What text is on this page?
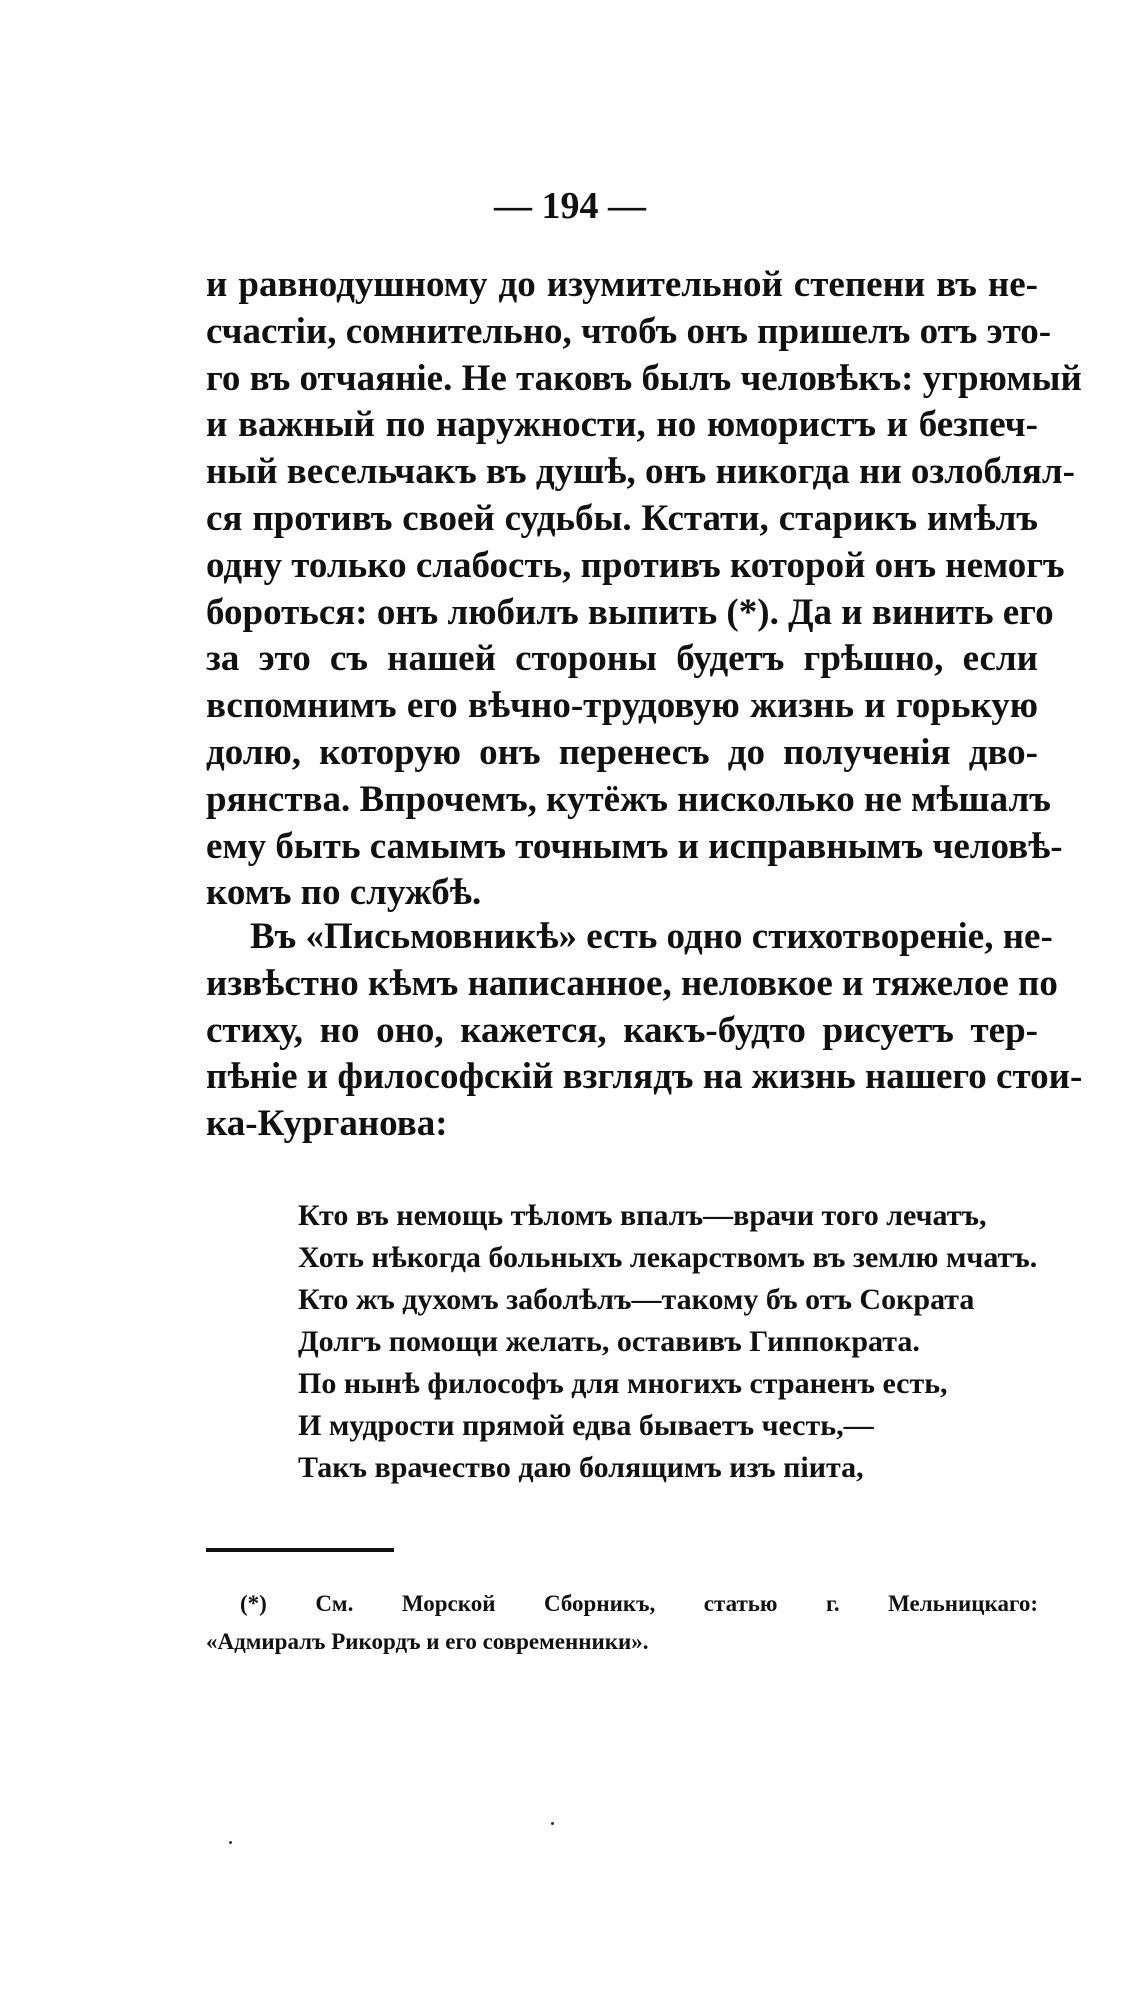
— 194 —
и равнодушному до изумительной степени въ не-
счастiи, сомнительно, чтобъ онъ пришелъ отъ это-
го въ отчаянiе. Не таковъ былъ человѣкъ: угрюмый
и важный по наружности, но юмористъ и безпеч-
ный весельчакъ въ душѣ, онъ никогда ни озлоблял-
ся противъ своей судьбы. Кстати, старикъ имѣлъ
одну только слабость, противъ которой онъ немогъ
бороться: онъ любилъ выпить (*). Да и винить его
за это съ нашей стороны будетъ грѣшно, если
вспомнимъ его вѣчно-трудовую жизнь и горькую
долю, которую онъ перенесъ до полученiя дво-
рянства. Впрочемъ, кутёжъ нисколько не мѣшалъ
ему быть самымъ точнымъ и исправнымъ человѣ-
комъ по службѣ.
Въ «Письмовникѣ» есть одно стихотворенiе, не-
извѣстно кѣмъ написанное, неловкое и тяжелое по
стиху, но оно, кажется, какъ-будто рисуетъ тер-
пѣнiе и философскiй взглядъ на жизнь нашего стои-
ка-Курганова:
Кто въ немощь тѣломъ впалъ—врачи того лечатъ,
Хоть нѣкогда больныхъ лекарствомъ въ землю мчатъ.
Кто жъ духомъ заболѣлъ—такому бъ отъ Сократа
Долгъ помощи желать, оставивъ Гиппократа.
По нынѣ философъ для многихъ страненъ есть,
И мудрости прямой едва бываетъ честь,—
Такъ врачество даю болящимъ изъ пiита,
(*) См. Морской Сборникъ, статью г. Мельницкаго:
«Адмиралъ Рикордъ и его современники».
